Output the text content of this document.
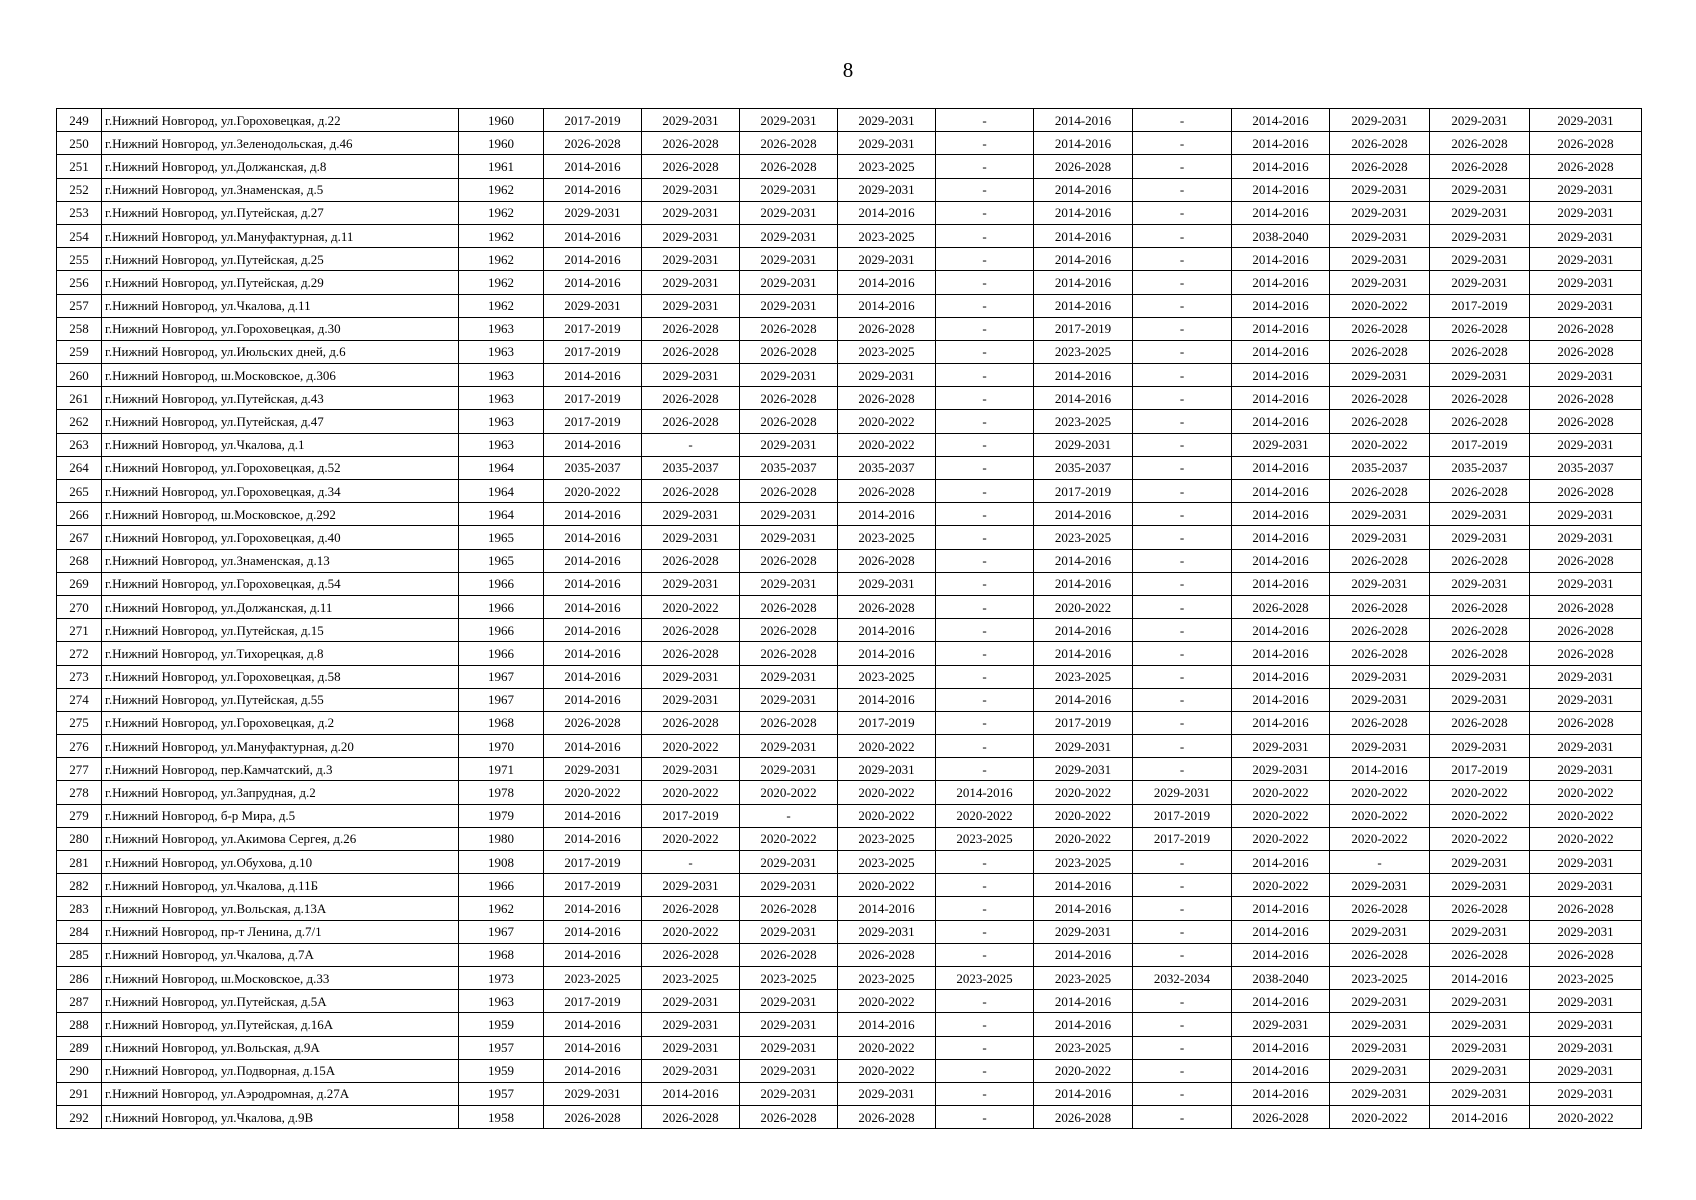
8
249	г.Нижний Новгород, ул.Гороховецкая, д.22	1960	2017-2019	2029-2031	2029-2031	2029-2031	-	2014-2016	-	2014-2016	2029-2031	2029-2031	2029-2031
250	г.Нижний Новгород, ул.Зеленодольская, д.46	1960	2026-2028	2026-2028	2026-2028	2029-2031	-	2014-2016	-	2014-2016	2026-2028	2026-2028	2026-2028
251	г.Нижний Новгород, ул.Должанская, д.8	1961	2014-2016	2026-2028	2026-2028	2023-2025	-	2026-2028	-	2014-2016	2026-2028	2026-2028	2026-2028
252	г.Нижний Новгород, ул.Знаменская, д.5	1962	2014-2016	2029-2031	2029-2031	2029-2031	-	2014-2016	-	2014-2016	2029-2031	2029-2031	2029-2031
253	г.Нижний Новгород, ул.Путейская, д.27	1962	2029-2031	2029-2031	2029-2031	2014-2016	-	2014-2016	-	2014-2016	2029-2031	2029-2031	2029-2031
254	г.Нижний Новгород, ул.Мануфактурная, д.11	1962	2014-2016	2029-2031	2029-2031	2023-2025	-	2014-2016	-	2038-2040	2029-2031	2029-2031	2029-2031
255	г.Нижний Новгород, ул.Путейская, д.25	1962	2014-2016	2029-2031	2029-2031	2029-2031	-	2014-2016	-	2014-2016	2029-2031	2029-2031	2029-2031
256	г.Нижний Новгород, ул.Путейская, д.29	1962	2014-2016	2029-2031	2029-2031	2014-2016	-	2014-2016	-	2014-2016	2029-2031	2029-2031	2029-2031
257	г.Нижний Новгород, ул.Чкалова, д.11	1962	2029-2031	2029-2031	2029-2031	2014-2016	-	2014-2016	-	2014-2016	2020-2022	2017-2019	2029-2031
258	г.Нижний Новгород, ул.Гороховецкая, д.30	1963	2017-2019	2026-2028	2026-2028	2026-2028	-	2017-2019	-	2014-2016	2026-2028	2026-2028	2026-2028
259	г.Нижний Новгород, ул.Июльских дней, д.6	1963	2017-2019	2026-2028	2026-2028	2023-2025	-	2023-2025	-	2014-2016	2026-2028	2026-2028	2026-2028
260	г.Нижний Новгород, ш.Московское, д.306	1963	2014-2016	2029-2031	2029-2031	2029-2031	-	2014-2016	-	2014-2016	2029-2031	2029-2031	2029-2031
261	г.Нижний Новгород, ул.Путейская, д.43	1963	2017-2019	2026-2028	2026-2028	2026-2028	-	2014-2016	-	2014-2016	2026-2028	2026-2028	2026-2028
262	г.Нижний Новгород, ул.Путейская, д.47	1963	2017-2019	2026-2028	2026-2028	2020-2022	-	2023-2025	-	2014-2016	2026-2028	2026-2028	2026-2028
263	г.Нижний Новгород, ул.Чкалова, д.1	1963	2014-2016	-	2029-2031	2020-2022	-	2029-2031	-	2029-2031	2020-2022	2017-2019	2029-2031
264	г.Нижний Новгород, ул.Гороховецкая, д.52	1964	2035-2037	2035-2037	2035-2037	2035-2037	-	2035-2037	-	2014-2016	2035-2037	2035-2037	2035-2037
265	г.Нижний Новгород, ул.Гороховецкая, д.34	1964	2020-2022	2026-2028	2026-2028	2026-2028	-	2017-2019	-	2014-2016	2026-2028	2026-2028	2026-2028
266	г.Нижний Новгород, ш.Московское, д.292	1964	2014-2016	2029-2031	2029-2031	2014-2016	-	2014-2016	-	2014-2016	2029-2031	2029-2031	2029-2031
267	г.Нижний Новгород, ул.Гороховецкая, д.40	1965	2014-2016	2029-2031	2029-2031	2023-2025	-	2023-2025	-	2014-2016	2029-2031	2029-2031	2029-2031
268	г.Нижний Новгород, ул.Знаменская, д.13	1965	2014-2016	2026-2028	2026-2028	2026-2028	-	2014-2016	-	2014-2016	2026-2028	2026-2028	2026-2028
269	г.Нижний Новгород, ул.Гороховецкая, д.54	1966	2014-2016	2029-2031	2029-2031	2029-2031	-	2014-2016	-	2014-2016	2029-2031	2029-2031	2029-2031
270	г.Нижний Новгород, ул.Должанская, д.11	1966	2014-2016	2020-2022	2026-2028	2026-2028	-	2020-2022	-	2026-2028	2026-2028	2026-2028	2026-2028
271	г.Нижний Новгород, ул.Путейская, д.15	1966	2014-2016	2026-2028	2026-2028	2014-2016	-	2014-2016	-	2014-2016	2026-2028	2026-2028	2026-2028
272	г.Нижний Новгород, ул.Тихорецкая, д.8	1966	2014-2016	2026-2028	2026-2028	2014-2016	-	2014-2016	-	2014-2016	2026-2028	2026-2028	2026-2028
273	г.Нижний Новгород, ул.Гороховецкая, д.58	1967	2014-2016	2029-2031	2029-2031	2023-2025	-	2023-2025	-	2014-2016	2029-2031	2029-2031	2029-2031
274	г.Нижний Новгород, ул.Путейская, д.55	1967	2014-2016	2029-2031	2029-2031	2014-2016	-	2014-2016	-	2014-2016	2029-2031	2029-2031	2029-2031
275	г.Нижний Новгород, ул.Гороховецкая, д.2	1968	2026-2028	2026-2028	2026-2028	2017-2019	-	2017-2019	-	2014-2016	2026-2028	2026-2028	2026-2028
276	г.Нижний Новгород, ул.Мануфактурная, д.20	1970	2014-2016	2020-2022	2029-2031	2020-2022	-	2029-2031	-	2029-2031	2029-2031	2029-2031	2029-2031
277	г.Нижний Новгород, пер.Камчатский, д.3	1971	2029-2031	2029-2031	2029-2031	2029-2031	-	2029-2031	-	2029-2031	2014-2016	2017-2019	2029-2031
278	г.Нижний Новгород, ул.Запрудная, д.2	1978	2020-2022	2020-2022	2020-2022	2020-2022	2014-2016	2020-2022	2029-2031	2020-2022	2020-2022	2020-2022	2020-2022
279	г.Нижний Новгород, б-р Мира, д.5	1979	2014-2016	2017-2019	-	2020-2022	2020-2022	2020-2022	2017-2019	2020-2022	2020-2022	2020-2022	2020-2022
280	г.Нижний Новгород, ул.Акимова Сергея, д.26	1980	2014-2016	2020-2022	2020-2022	2023-2025	2023-2025	2020-2022	2017-2019	2020-2022	2020-2022	2020-2022	2020-2022
281	г.Нижний Новгород, ул.Обухова, д.10	1908	2017-2019	-	2029-2031	2023-2025	-	2023-2025	-	2014-2016	-	2029-2031	2029-2031
282	г.Нижний Новгород, ул.Чкалова, д.11Б	1966	2017-2019	2029-2031	2029-2031	2020-2022	-	2014-2016	-	2020-2022	2029-2031	2029-2031	2029-2031
283	г.Нижний Новгород, ул.Вольская, д.13А	1962	2014-2016	2026-2028	2026-2028	2014-2016	-	2014-2016	-	2014-2016	2026-2028	2026-2028	2026-2028
284	г.Нижний Новгород, пр-т Ленина, д.7/1	1967	2014-2016	2020-2022	2029-2031	2029-2031	-	2029-2031	-	2014-2016	2029-2031	2029-2031	2029-2031
285	г.Нижний Новгород, ул.Чкалова, д.7А	1968	2014-2016	2026-2028	2026-2028	2026-2028	-	2014-2016	-	2014-2016	2026-2028	2026-2028	2026-2028
286	г.Нижний Новгород, ш.Московское, д.33	1973	2023-2025	2023-2025	2023-2025	2023-2025	2023-2025	2023-2025	2032-2034	2038-2040	2023-2025	2014-2016	2023-2025
287	г.Нижний Новгород, ул.Путейская, д.5А	1963	2017-2019	2029-2031	2029-2031	2020-2022	-	2014-2016	-	2014-2016	2029-2031	2029-2031	2029-2031
288	г.Нижний Новгород, ул.Путейская, д.16А	1959	2014-2016	2029-2031	2029-2031	2014-2016	-	2014-2016	-	2029-2031	2029-2031	2029-2031	2029-2031
289	г.Нижний Новгород, ул.Вольская, д.9А	1957	2014-2016	2029-2031	2029-2031	2020-2022	-	2023-2025	-	2014-2016	2029-2031	2029-2031	2029-2031
290	г.Нижний Новгород, ул.Подворная, д.15А	1959	2014-2016	2029-2031	2029-2031	2020-2022	-	2020-2022	-	2014-2016	2029-2031	2029-2031	2029-2031
291	г.Нижний Новгород, ул.Аэродромная, д.27А	1957	2029-2031	2014-2016	2029-2031	2029-2031	-	2014-2016	-	2014-2016	2029-2031	2029-2031	2029-2031
292	г.Нижний Новгород, ул.Чкалова, д.9В	1958	2026-2028	2026-2028	2026-2028	2026-2028	-	2026-2028	-	2026-2028	2020-2022	2014-2016	2020-2022
